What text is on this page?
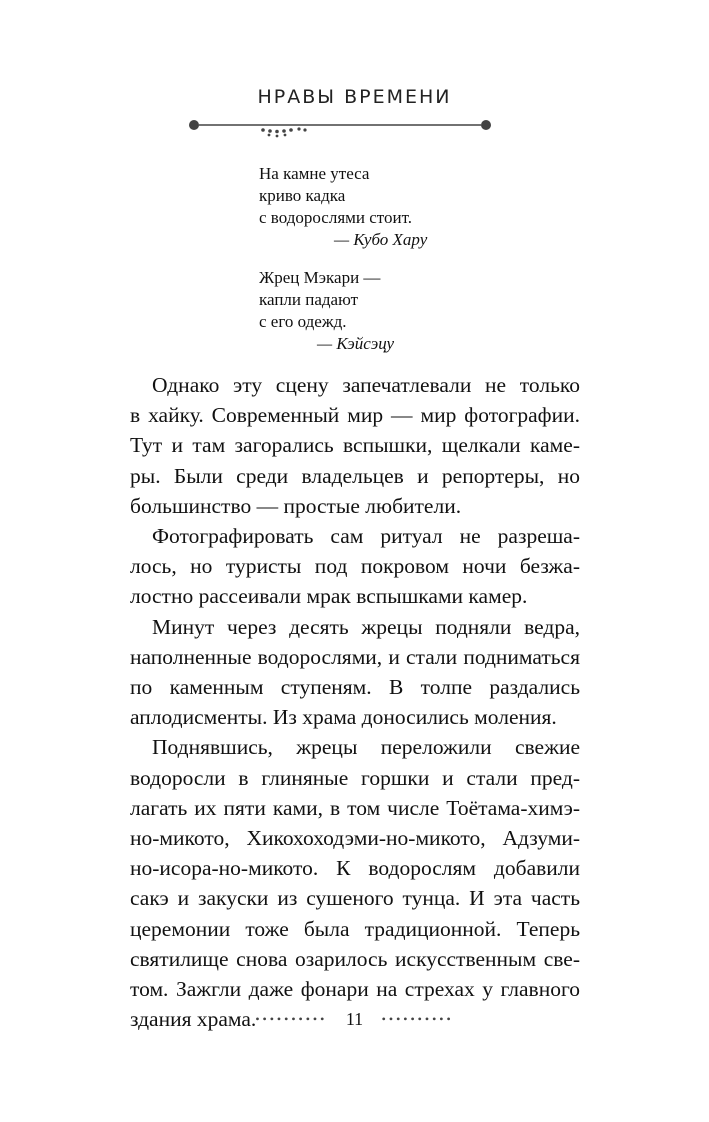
НРАВЫ ВРЕМЕНИ
На камне утеса
криво кадка
с водорослями стоит.
— Кубо Хару
Жрец Мэкари —
капли падают
с его одежд.
— Кэйсэцу
Однако эту сцену запечатлевали не только
в хайку. Современный мир — мир фотографии.
Тут и там загорались вспышки, щелкали каме-
ры. Были среди владельцев и репортеры, но
большинство — простые любители.
Фотографировать сам ритуал не разреша-
лось, но туристы под покровом ночи безжа-
лостно рассеивали мрак вспышками камер.
Минут через десять жрецы подняли ведра,
наполненные водорослями, и стали подниматься
по каменным ступеням. В толпе раздались
аплодисменты. Из храма доносились моления.
Поднявшись, жрецы переложили свежие
водоросли в глиняные горшки и стали пред-
лагать их пяти ками, в том числе Тоётама-химэ-
но-микото, Хикохоходэми-но-микото, Адзуми-
но-исора-но-микото. К водорослям добавили
сакэ и закуски из сушеного тунца. И эта часть
церемонии тоже была традиционной. Теперь
святилище снова озарилось искусственным све-
том. Зажгли даже фонари на стрехах у главного
здания храма. •••••••••• 11 ••••••••••
